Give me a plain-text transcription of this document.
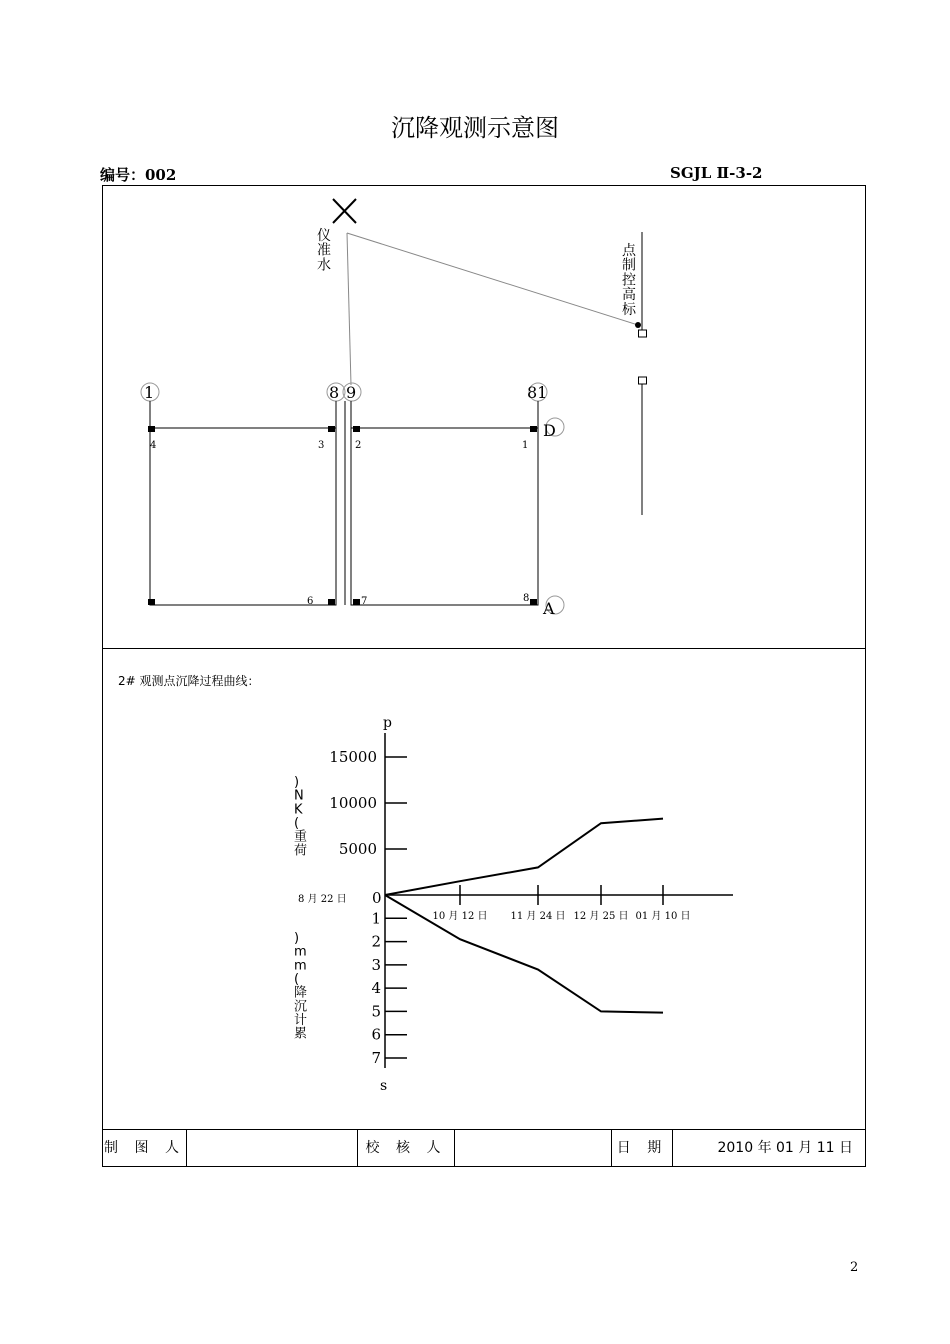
沉降观测示意图
编号：002	SGJL Ⅱ-3-2
仪准水
点制控高标
1	8 9	81
D
A
4	3	2	1
6	7	8
2# 观测点沉降过程曲线：
p
s
0
8 月 22 日
) N K (重荷
) m m (降沉计累
5000
10000
15000
1
2
3
4
5
6
7
10 月 12 日 11 月 24 日 12 月 25 日 01 月 10 日
制 图 人	校 核 人	日 期	2010 年 01 月 11 日
2
